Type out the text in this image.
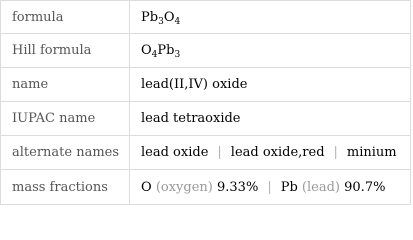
formula	$Pb_3O_4$
Hill formula	$O_4Pb_3$
name	lead(II,IV) oxide
IUPAC name	lead tetraoxide
alternate names	lead oxide | lead oxide,red | minium
mass fractions	O (oxygen) 9.33% | Pb (lead) 90.7%
